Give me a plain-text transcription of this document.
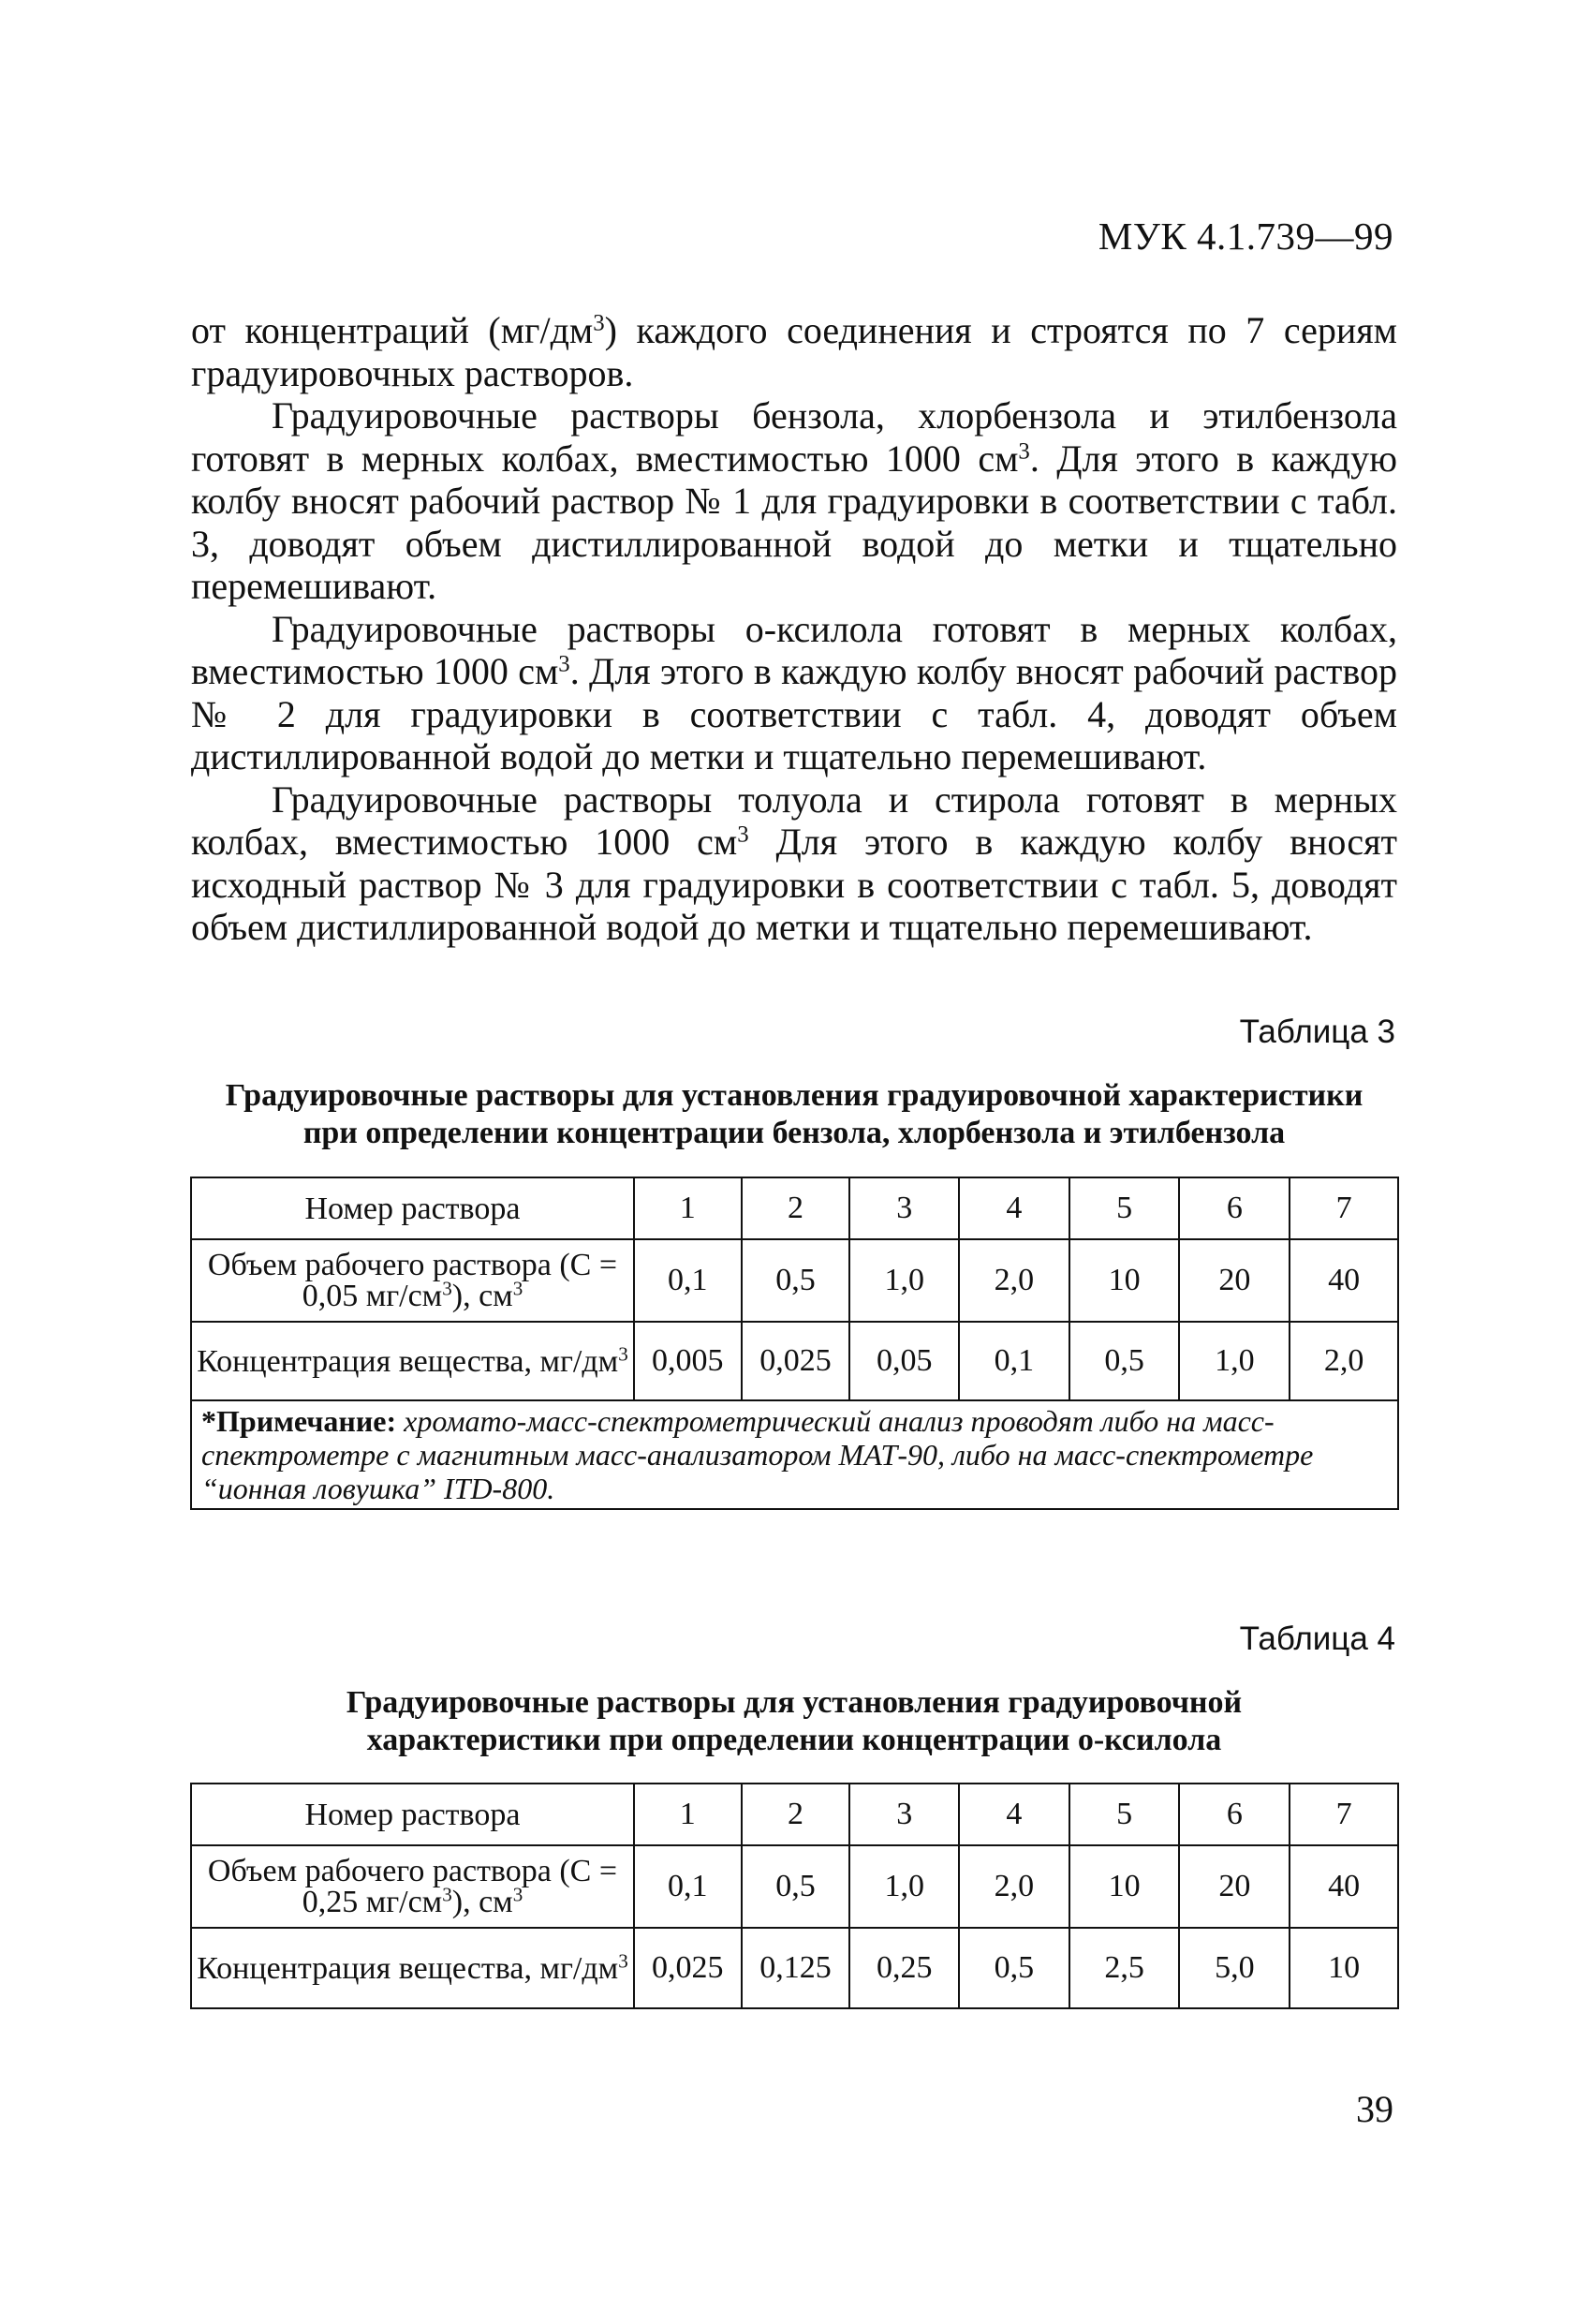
МУК 4.1.739—99

от концентраций $(мг/дм^3)$ каждого соединения и строятся по 7 сериям градуировочных растворов.

Градуировочные растворы бензола, хлорбензола и этилбензола готовят в мерных колбах, вместимостью 1000 $см^3$. Для этого в каждую колбу вносят рабочий раствор № 1 для градуировки в соответствии с табл. 3, доводят объем дистиллированной водой до метки и тщательно перемешивают.

Градуировочные растворы о-ксилола готовят в мерных колбах, вместимостью 1000 $см^3$. Для этого в каждую колбу вносят рабочий раствор № 2 для градуировки в соответствии с табл. 4, доводят объем дистиллированной водой до метки и тщательно перемешивают.

Градуировочные растворы толуола и стирола готовят в мерных колбах, вместимостью 1000 $см^3$ Для этого в каждую колбу вносят исходный раствор № 3 для градуировки в соответствии с табл. 5, доводят объем дистиллированной водой до метки и тщательно перемешивают.

Таблица 3
Градуировочные растворы для установления градуировочной характеристики
при определении концентрации бензола, хлорбензола и этилбензола
Номер раствора	1	2	3	4	5	6	7
Объем рабочего раствора (С = 0,05 $мг/см^3$), $см^3$	0,1	0,5	1,0	2,0	10	20	40
Концентрация вещества, $мг/дм^3$	0,005	0,025	0,05	0,1	0,5	1,0	2,0
*Примечание: хромато-масс-спектрометрический анализ проводят либо на масс-спектрометре с магнитным масс-анализатором МАТ-90, либо на масс-спектрометре “ионная ловушка” ITD-800.							
Таблица 4
Градуировочные растворы для установления градуировочной
характеристики при определении концентрации о-ксилола
Номер раствора	1	2	3	4	5	6	7
Объем рабочего раствора (С = 0,25 $мг/см^3$), $см^3$	0,1	0,5	1,0	2,0	10	20	40
Концентрация вещества, $мг/дм^3$	0,025	0,125	0,25	0,5	2,5	5,0	10
39
